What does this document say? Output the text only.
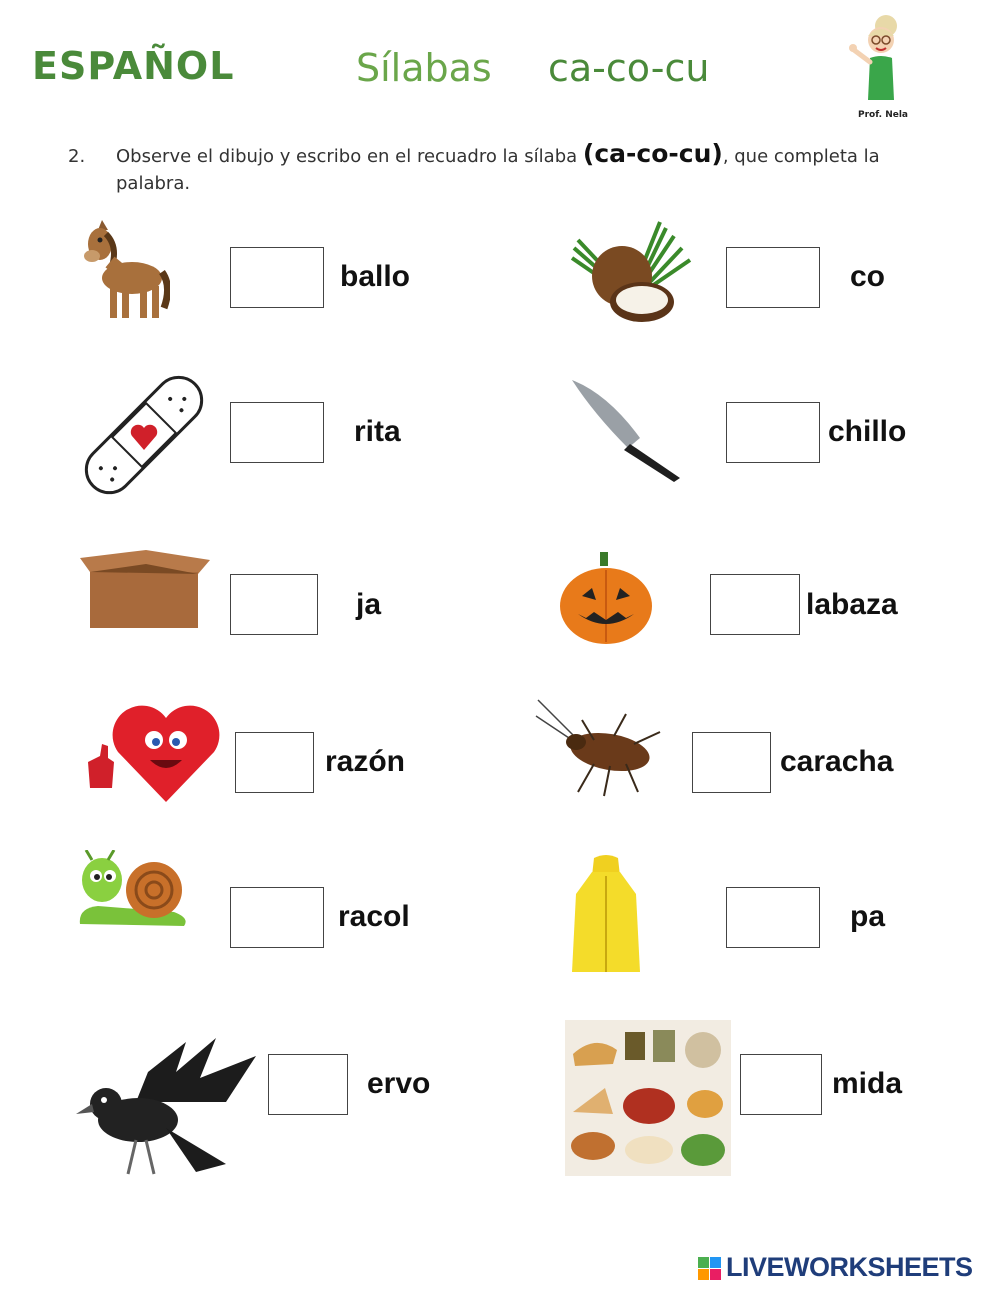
ESPAÑOL	Sílabas ca-co-cu
Prof. Nela
2. Observe el dibujo y escribo en el recuadro la sílaba (ca-co-cu), que completa la palabra.
ballo	co
rita	chillo
ja	labaza
razón	caracha
racol	pa
ervo	mida
LIVEWORKSHEETS
